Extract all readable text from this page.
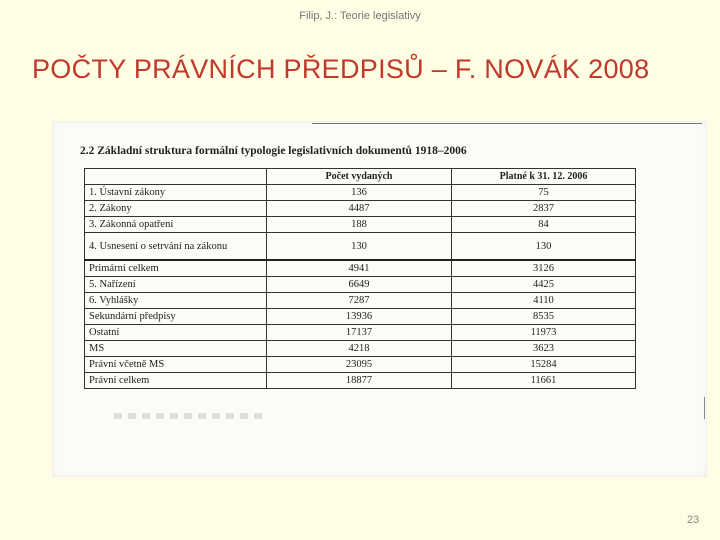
Filip, J.: Teorie legislativy
POČTY PRÁVNÍCH PŘEDPISŮ – F. NOVÁK 2008
2.2 Základní struktura formální typologie legislativních dokumentů 1918–2006
	Počet vydaných	Platné k 31. 12. 2006
1. Ústavní zákony	136	75
2. Zákony	4487	2837
3. Zákonná opatření	188	84
4. Usnesení o setrvání na zákonu	130	130
Primární celkem	4941	3126
5. Nařízení	6649	4425
6. Vyhlášky	7287	4110
Sekundární předpisy	13936	8535
Ostatní	17137	11973
MS	4218	3623
Právní včetně MS	23095	15284
Právní celkem	18877	11661
23
